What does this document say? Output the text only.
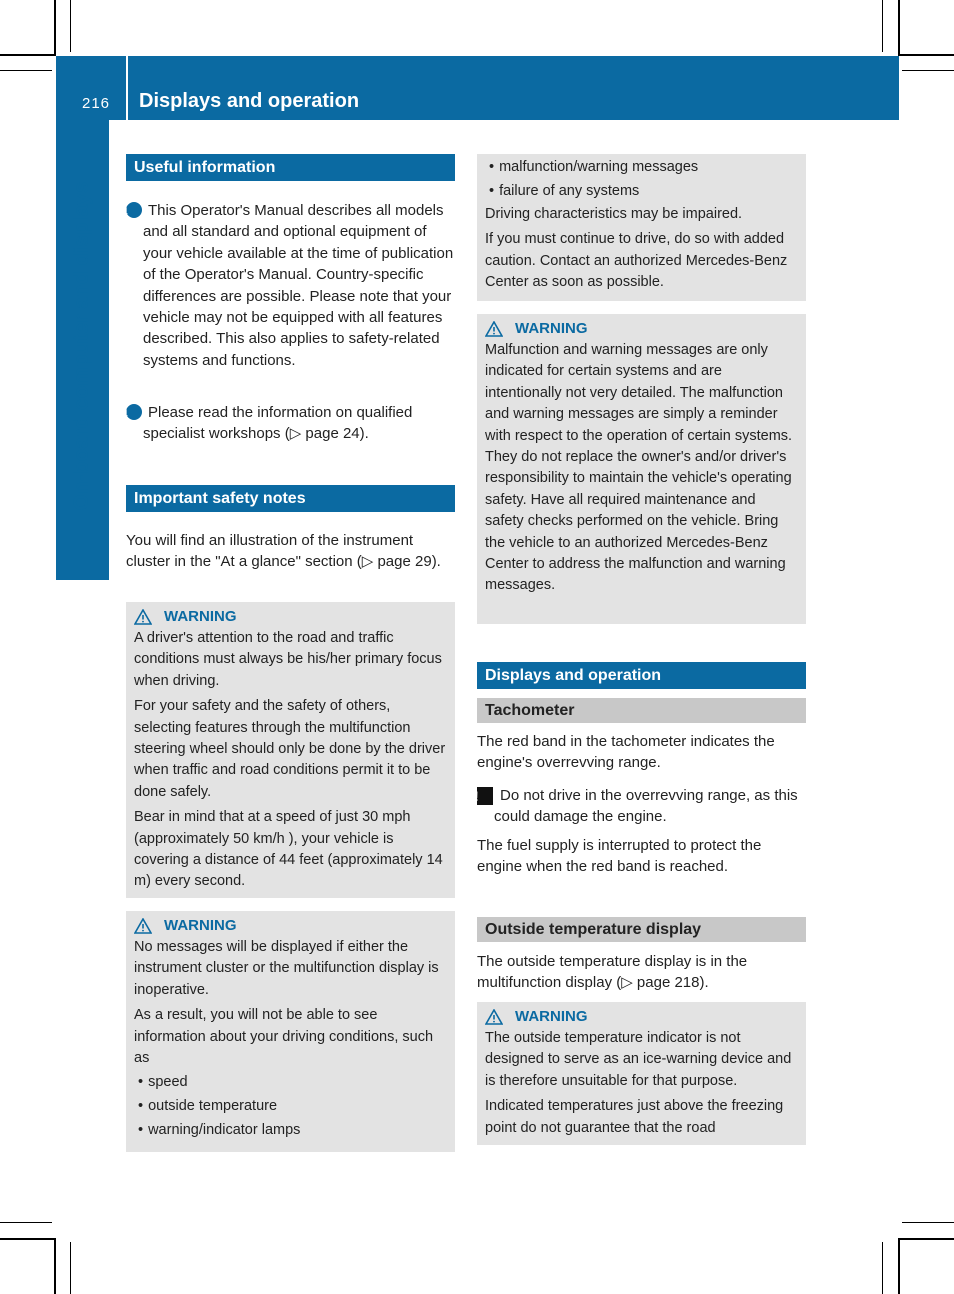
216 Displays and operation
On-board computer and displays
Useful information

i This Operator's Manual describes all models and all standard and optional equipment of your vehicle available at the time of publication of the Operator's Manual. Country-specific differences are possible. Please note that your vehicle may not be equipped with all features described. This also applies to safety-related systems and functions.

i Please read the information on qualified specialist workshops (▷ page 24).

Important safety notes
You will find an illustration of the instrument cluster in the "At a glance" section (▷ page 29).
WARNING

A driver's attention to the road and traffic conditions must always be his/her primary focus when driving.

For your safety and the safety of others, selecting features through the multifunction steering wheel should only be done by the driver when traffic and road conditions permit it to be done safely.

Bear in mind that at a speed of just 30 mph (approximately 50 km/h ), your vehicle is covering a distance of 44 feet (approximately 14 m) every second.

WARNING

No messages will be displayed if either the instrument cluster or the multifunction display is inoperative.

As a result, you will not be able to see information about your driving conditions, such as

• speed
• outside temperature
• warning/indicator lamps
• malfunction/warning messages
• failure of any systems

Driving characteristics may be impaired.

If you must continue to drive, do so with added caution. Contact an authorized Mercedes-Benz Center as soon as possible.

WARNING

Malfunction and warning messages are only indicated for certain systems and are intentionally not very detailed. The malfunction and warning messages are simply a reminder with respect to the operation of certain systems. They do not replace the owner's and/or driver's responsibility to maintain the vehicle's operating safety. Have all required maintenance and safety checks performed on the vehicle. Bring the vehicle to an authorized Mercedes-Benz Center to address the malfunction and warning messages.

Displays and operation
Tachometer
The red band in the tachometer indicates the engine's overrevving range.

! Do not drive in the overrevving range, as this could damage the engine.

The fuel supply is interrupted to protect the engine when the red band is reached.
Outside temperature display
The outside temperature display is in the multifunction display (▷ page 218).
WARNING

The outside temperature indicator is not designed to serve as an ice-warning device and is therefore unsuitable for that purpose.

Indicated temperatures just above the freezing point do not guarantee that the road
